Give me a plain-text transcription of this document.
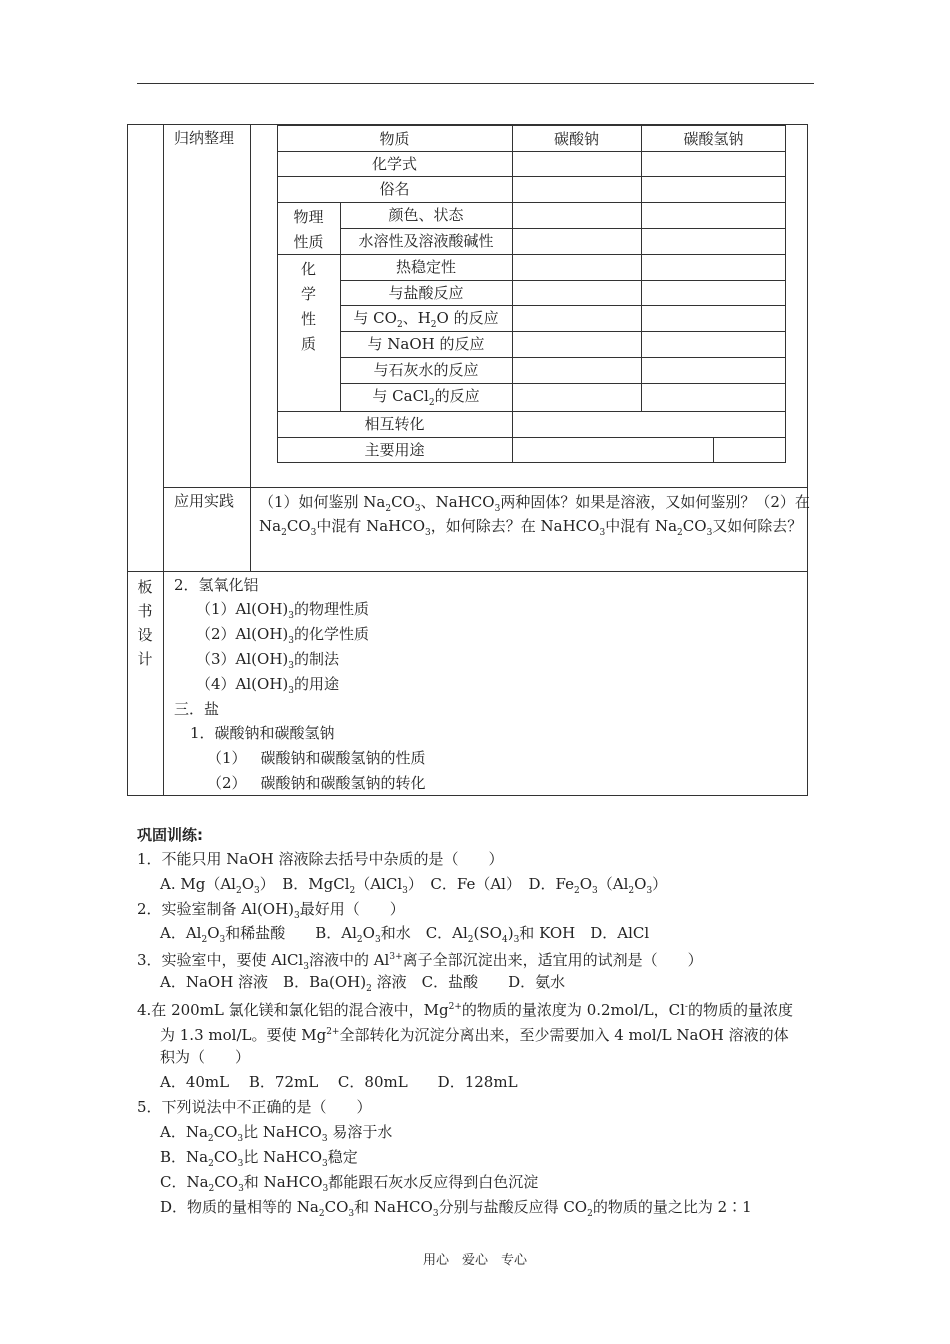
归纳整理
应用实践
板
书
设
计
物质	碳酸钠	碳酸氢钠
化学式
俗名
物理
性质
颜色、状态
水溶性及溶液酸碱性
化
学
性
质
热稳定性
与盐酸反应
与 $CO_2$、$H_2O$ 的反应
与 NaOH 的反应
与石灰水的反应
与 CaCl$_2$的反应
相互转化
主要用途
（1）如何鉴别 $Na_2CO_3$、NaHCO$_3$两种固体？如果是溶液，又如何鉴别？（2）在
$Na_2CO_3$中混有 NaHCO$_3$，如何除去？在 NaHCO$_3$中混有 $Na_2CO_3$又如何除去？
2．氢氧化铝
$(1)Al(OH)_3$的物理性质
$(2)Al(OH)_3$的化学性质
$(3)Al(OH)_3$的制法
$(4)Al(OH)_3$的用途
三．盐
1．碳酸钠和碳酸氢钠
（1） 碳酸钠和碳酸氢钠的性质
（2） 碳酸钠和碳酸氢钠的转化
巩固训练:
1．不能只用 NaOH 溶液除去括号中杂质的是（　　）
A. $Mg(Al_2O_3)$　B．MgCl$_2$（AlCl$_3$）　C．Fe（Al）　D．$Fe_2O_3(Al_2O_3)$
2．实验室制备 $Al(OH)_3$最好用（　　）
A．$Al_2O_3$和稀盐酸　　B．$Al_2O_3$和水　C．$Al_2(SO_4)_3$和 KOH　D．AlCl
3．实验室中，要使 AlCl$_3$溶液中的 $Al^{3+}$离子全部沉淀出来，适宜用的试剂是（　　）
A．NaOH 溶液　B．$Ba(OH)_2$ 溶液　C．盐酸　　D．氨水
4.在 200mL 氯化镁和氯化铝的混合液中，$Mg^{2+}$的物质的量浓度为 0.2mol/L，Cl-的物质的量浓度
为 1.3 mol/L。要使 $Mg^{2+}$全部转化为沉淀分离出来，至少需要加入 4 mol/L NaOH 溶液的体
积为（　　）
A．40mL　 B．72mL　 C．80mL　　D．128mL
5．下列说法中不正确的是（　　）
A．$Na_2CO_3$比 NaHCO$_3$ 易溶于水
B．$Na_2CO_3$比 NaHCO$_3$稳定
C．$Na_2CO_3$和 NaHCO$_3$都能跟石灰水反应得到白色沉淀
D．物质的量相等的 $Na_2CO_3$和 NaHCO$_3$分别与盐酸反应得 $CO_2$的物质的量之比为 2∶1
用心　爱心　专心
